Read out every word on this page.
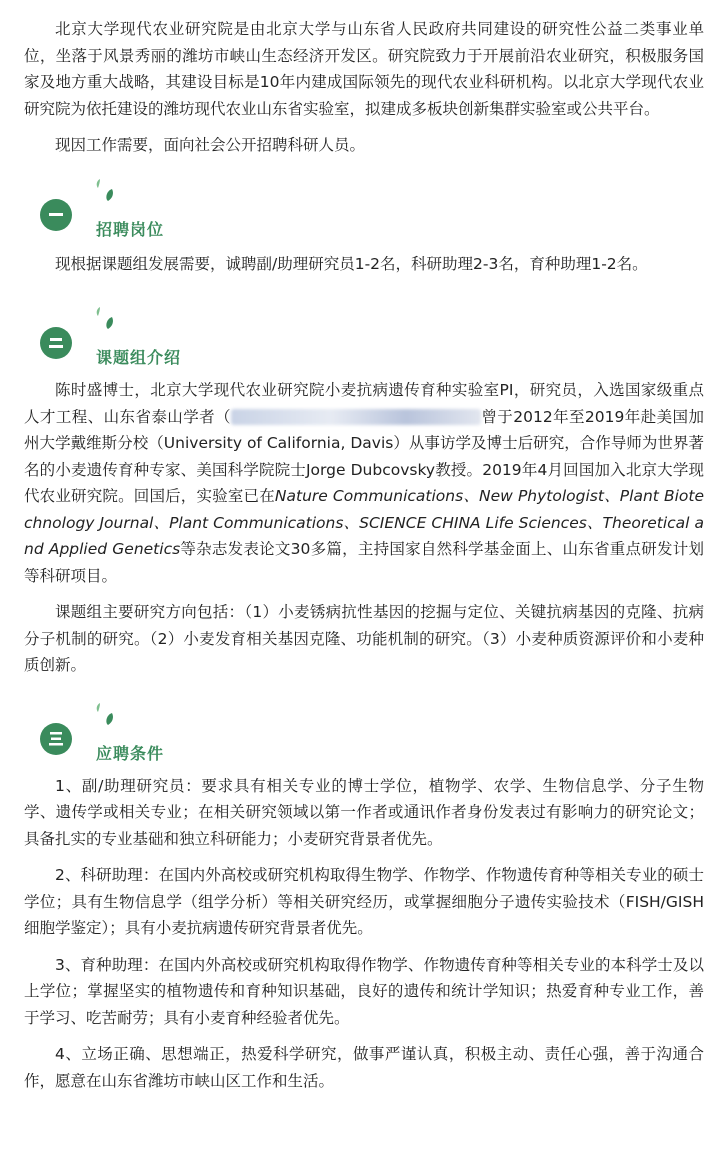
北京大学现代农业研究院是由北京大学与山东省人民政府共同建设的研究性公益二类事业单位，坐落于风景秀丽的潍坊市峡山生态经济开发区。研究院致力于开展前沿农业研究，积极服务国家及地方重大战略，其建设目标是10年内建成国际领先的现代农业科研机构。以北京大学现代农业研究院为依托建设的潍坊现代农业山东省实验室，拟建成多板块创新集群实验室或公共平台。

现因工作需要，面向社会公开招聘科研人员。

招聘岗位

现根据课题组发展需要，诚聘副/助理研究员1-2名，科研助理2-3名，育种助理1-2名。

课题组介绍

陈时盛博士，北京大学现代农业研究院小麦抗病遗传育种实验室PI，研究员，入选国家级重点人才工程、山东省泰山学者（	曾于2012年至2019年赴美国加州大学戴维斯分校（University of California, Davis）从事访学及博士后研究，合作导师为世界著名的小麦遗传育种专家、美国科学院院士Jorge Dubcovsky教授。2019年4月回国加入北京大学现代农业研究院。回国后，实验室已在Nature Communications、New Phytologist、Plant Biotechnology Journal、Plant Communications、SCIENCE CHINA Life Sciences、Theoretical and Applied Genetics等杂志发表论文30多篇，主持国家自然科学基金面上、山东省重点研发计划等科研项目。

课题组主要研究方向包括：（1）小麦锈病抗性基因的挖掘与定位、关键抗病基因的克隆、抗病分子机制的研究。（2）小麦发育相关基因克隆、功能机制的研究。（3）小麦种质资源评价和小麦种质创新。

应聘条件

1、副/助理研究员：要求具有相关专业的博士学位，植物学、农学、生物信息学、分子生物学、遗传学或相关专业；在相关研究领域以第一作者或通讯作者身份发表过有影响力的研究论文；具备扎实的专业基础和独立科研能力；小麦研究背景者优先。

2、科研助理：在国内外高校或研究机构取得生物学、作物学、作物遗传育种等相关专业的硕士学位；具有生物信息学（组学分析）等相关研究经历，或掌握细胞分子遗传实验技术（FISH/GISH细胞学鉴定）；具有小麦抗病遗传研究背景者优先。

3、育种助理：在国内外高校或研究机构取得作物学、作物遗传育种等相关专业的本科学士及以上学位；掌握坚实的植物遗传和育种知识基础，良好的遗传和统计学知识；热爱育种专业工作，善于学习、吃苦耐劳；具有小麦育种经验者优先。

4、立场正确、思想端正，热爱科学研究，做事严谨认真，积极主动、责任心强，善于沟通合作，愿意在山东省潍坊市峡山区工作和生活。
